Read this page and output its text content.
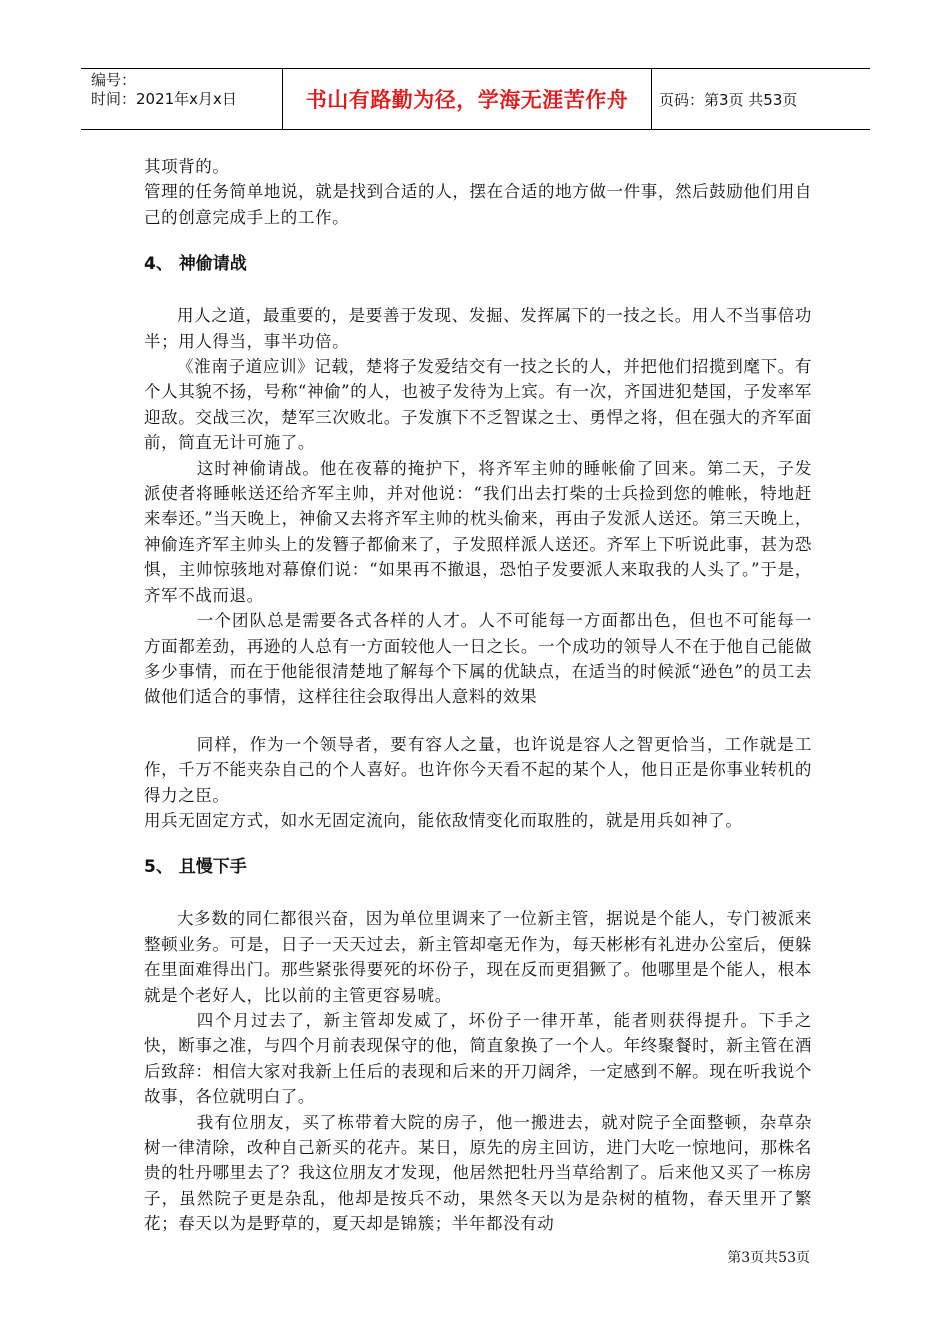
编号：
时间：2021年x月x日	书山有路勤为径，学海无涯苦作舟 页码：第3页 共53页

其项背的。

管理的任务简单地说，就是找到合适的人，摆在合适的地方做一件事，然后鼓励他们用自己的创意完成手上的工作。

4、 神偷请战

用人之道，最重要的，是要善于发现、发掘、发挥属下的一技之长。用人不当事倍功半；用人得当，事半功倍。

《淮南子道应训》记载，楚将子发爱结交有一技之长的人，并把他们招揽到麾下。有个人其貌不扬，号称“神偷”的人，也被子发待为上宾。有一次，齐国进犯楚国，子发率军迎敌。交战三次，楚军三次败北。子发旗下不乏智谋之士、勇悍之将，但在强大的齐军面前，简直无计可施了。

这时神偷请战。他在夜幕的掩护下，将齐军主帅的睡帐偷了回来。第二天，子发派使者将睡帐送还给齐军主帅，并对他说：“我们出去打柴的士兵捡到您的帷帐，特地赶来奉还。”当天晚上，神偷又去将齐军主帅的枕头偷来，再由子发派人送还。第三天晚上，神偷连齐军主帅头上的发簪子都偷来了，子发照样派人送还。齐军上下听说此事，甚为恐惧，主帅惊骇地对幕僚们说：“如果再不撤退，恐怕子发要派人来取我的人头了。”于是，齐军不战而退。

一个团队总是需要各式各样的人才。人不可能每一方面都出色，但也不可能每一方面都差劲，再逊的人总有一方面较他人一日之长。一个成功的领导人不在于他自己能做多少事情，而在于他能很清楚地了解每个下属的优缺点，在适当的时候派“逊色”的员工去做他们适合的事情，这样往往会取得出人意料的效果

同样，作为一个领导者，要有容人之量，也许说是容人之智更恰当，工作就是工作，千万不能夹杂自己的个人喜好。也许你今天看不起的某个人，他日正是你事业转机的得力之臣。

用兵无固定方式，如水无固定流向，能依敌情变化而取胜的，就是用兵如神了。

5、 且慢下手

大多数的同仁都很兴奋，因为单位里调来了一位新主管，据说是个能人，专门被派来整顿业务。可是，日子一天天过去，新主管却毫无作为，每天彬彬有礼进办公室后，便躲在里面难得出门。那些紧张得要死的坏份子，现在反而更猖獗了。他哪里是个能人，根本就是个老好人，比以前的主管更容易唬。

四个月过去了，新主管却发威了，坏份子一律开革，能者则获得提升。下手之快，断事之准，与四个月前表现保守的他，简直象换了一个人。年终聚餐时，新主管在酒后致辞：相信大家对我新上任后的表现和后来的开刀阔斧，一定感到不解。现在听我说个故事，各位就明白了。

我有位朋友，买了栋带着大院的房子，他一搬进去，就对院子全面整顿，杂草杂树一律清除，改种自己新买的花卉。某日，原先的房主回访，进门大吃一惊地问，那株名贵的牡丹哪里去了？我这位朋友才发现，他居然把牡丹当草给割了。后来他又买了一栋房子，虽然院子更是杂乱，他却是按兵不动，果然冬天以为是杂树的植物，春天里开了繁花；春天以为是野草的，夏天却是锦簇；半年都没有动

第3页共53页
